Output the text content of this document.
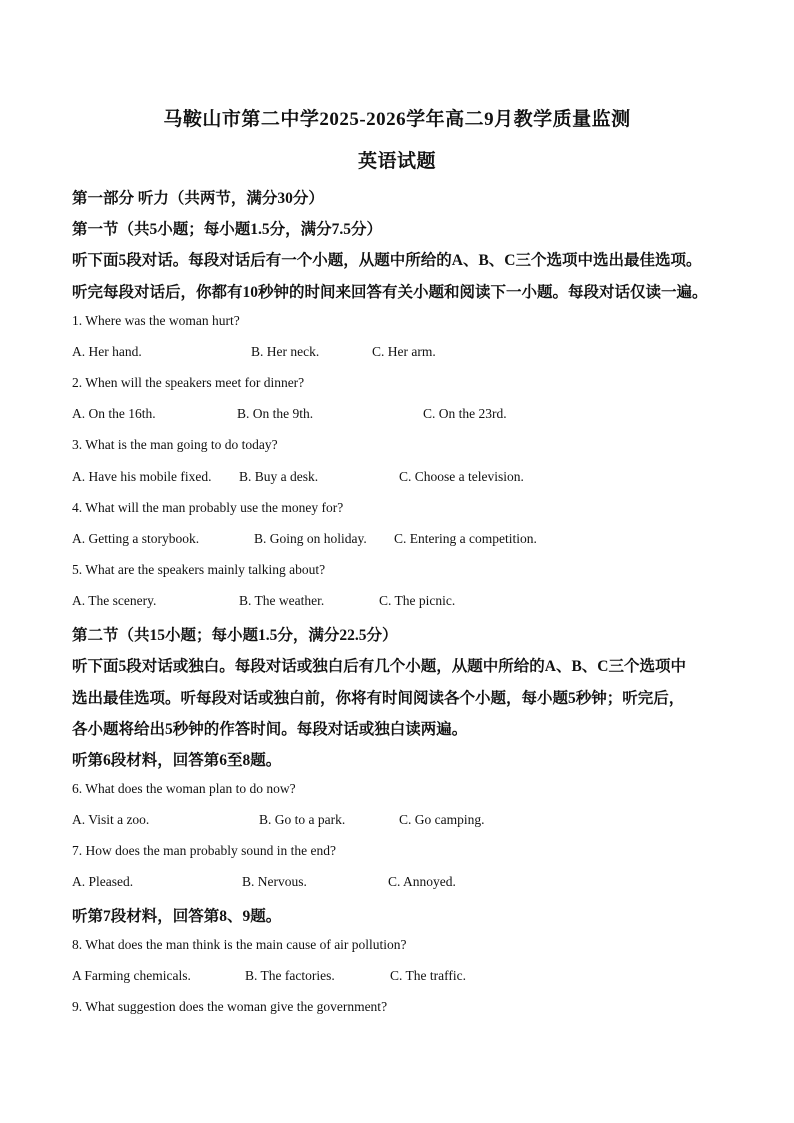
马鞍山市第二中学2025-2026学年高二9月教学质量监测
英语试题
第一部分 听力（共两节，满分30分）
第一节（共5小题；每小题1.5分，满分7.5分）
听下面5段对话。每段对话后有一个小题，从题中所给的A、B、C三个选项中选出最佳选项。
听完每段对话后，你都有10秒钟的时间来回答有关小题和阅读下一小题。每段对话仅读一遍。
1. Where was the woman hurt?
A. Her hand.	B. Her neck.	C. Her arm.
2. When will the speakers meet for dinner?
A. On the 16th.	B. On the 9th.	C. On the 23rd.
3. What is the man going to do today?
A. Have his mobile fixed. B. Buy a desk.	C. Choose a television.
4. What will the man probably use the money for?
A. Getting a storybook.	B. Going on holiday. C. Entering a competition.
5. What are the speakers mainly talking about?
A. The scenery.	B. The weather.	C. The picnic.
第二节（共15小题；每小题1.5分，满分22.5分）
听下面5段对话或独白。每段对话或独白后有几个小题，从题中所给的A、B、C三个选项中
选出最佳选项。听每段对话或独白前，你将有时间阅读各个小题，每小题5秒钟；听完后，
各小题将给出5秒钟的作答时间。每段对话或独白读两遍。
听第6段材料，回答第6至8题。
6. What does the woman plan to do now?
A. Visit a zoo.	B. Go to a park.	C. Go camping.
7. How does the man probably sound in the end?
A. Pleased.	B. Nervous.	C. Annoyed.
听第7段材料，回答第8、9题。
8. What does the man think is the main cause of air pollution?
A Farming chemicals.	B. The factories.	C. The traffic.
9. What suggestion does the woman give the government?
